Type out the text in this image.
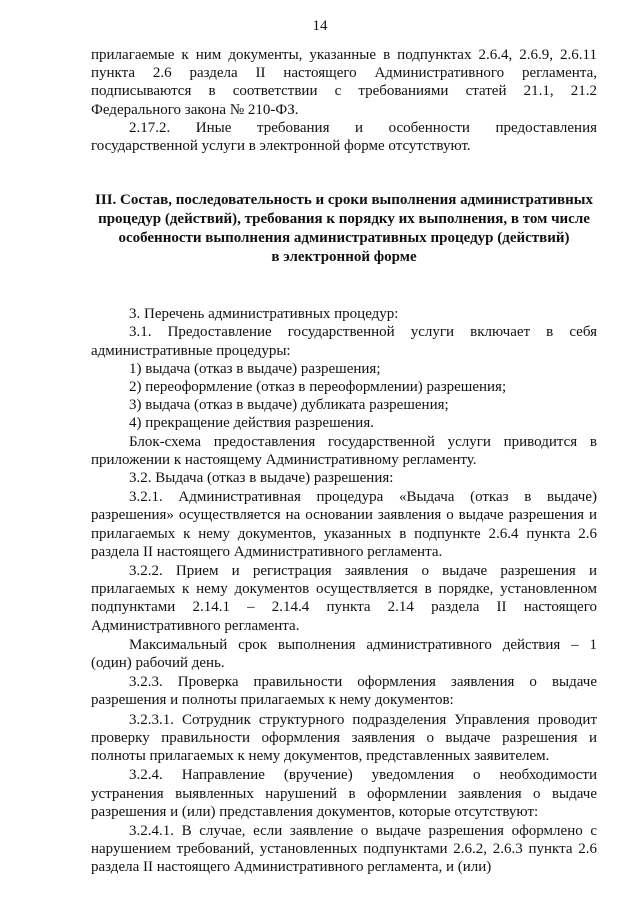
14

прилагаемые к ним документы, указанные в подпунктах 2.6.4, 2.6.9, 2.6.11 пункта 2.6 раздела II настоящего Административного регламента, подписываются в соответствии с требованиями статей 21.1, 21.2 Федерального закона № 210-ФЗ.

2.17.2. Иные требования и особенности предоставления государственной услуги в электронной форме отсутствуют.

III. Состав, последовательность и сроки выполнения административных
процедур (действий), требования к порядку их выполнения, в том числе
особенности выполнения административных процедур (действий)
в электронной форме

3. Перечень административных процедур:

3.1. Предоставление государственной услуги включает в себя административные процедуры:

1) выдача (отказ в выдаче) разрешения;

2) переоформление (отказ в переоформлении) разрешения;

3) выдача (отказ в выдаче) дубликата разрешения;

4) прекращение действия разрешения.

Блок-схема предоставления государственной услуги приводится в приложении к настоящему Административному регламенту.

3.2. Выдача (отказ в выдаче) разрешения:

3.2.1. Административная процедура «Выдача (отказ в выдаче) разрешения» осуществляется на основании заявления о выдаче разрешения и прилагаемых к нему документов, указанных в подпункте 2.6.4 пункта 2.6 раздела II настоящего Административного регламента.

3.2.2. Прием и регистрация заявления о выдаче разрешения и прилагаемых к нему документов осуществляется в порядке, установленном подпунктами 2.14.1 – 2.14.4 пункта 2.14 раздела II настоящего Административного регламента.

Максимальный срок выполнения административного действия – 1 (один) рабочий день.

3.2.3. Проверка правильности оформления заявления о выдаче разрешения и полноты прилагаемых к нему документов:

3.2.3.1. Сотрудник структурного подразделения Управления проводит проверку правильности оформления заявления о выдаче разрешения и полноты прилагаемых к нему документов, представленных заявителем.

3.2.4. Направление (вручение) уведомления о необходимости устранения выявленных нарушений в оформлении заявления о выдаче разрешения и (или) представления документов, которые отсутствуют:

3.2.4.1. В случае, если заявление о выдаче разрешения оформлено с нарушением требований, установленных подпунктами 2.6.2, 2.6.3 пункта 2.6 раздела II настоящего Административного регламента, и (или)
